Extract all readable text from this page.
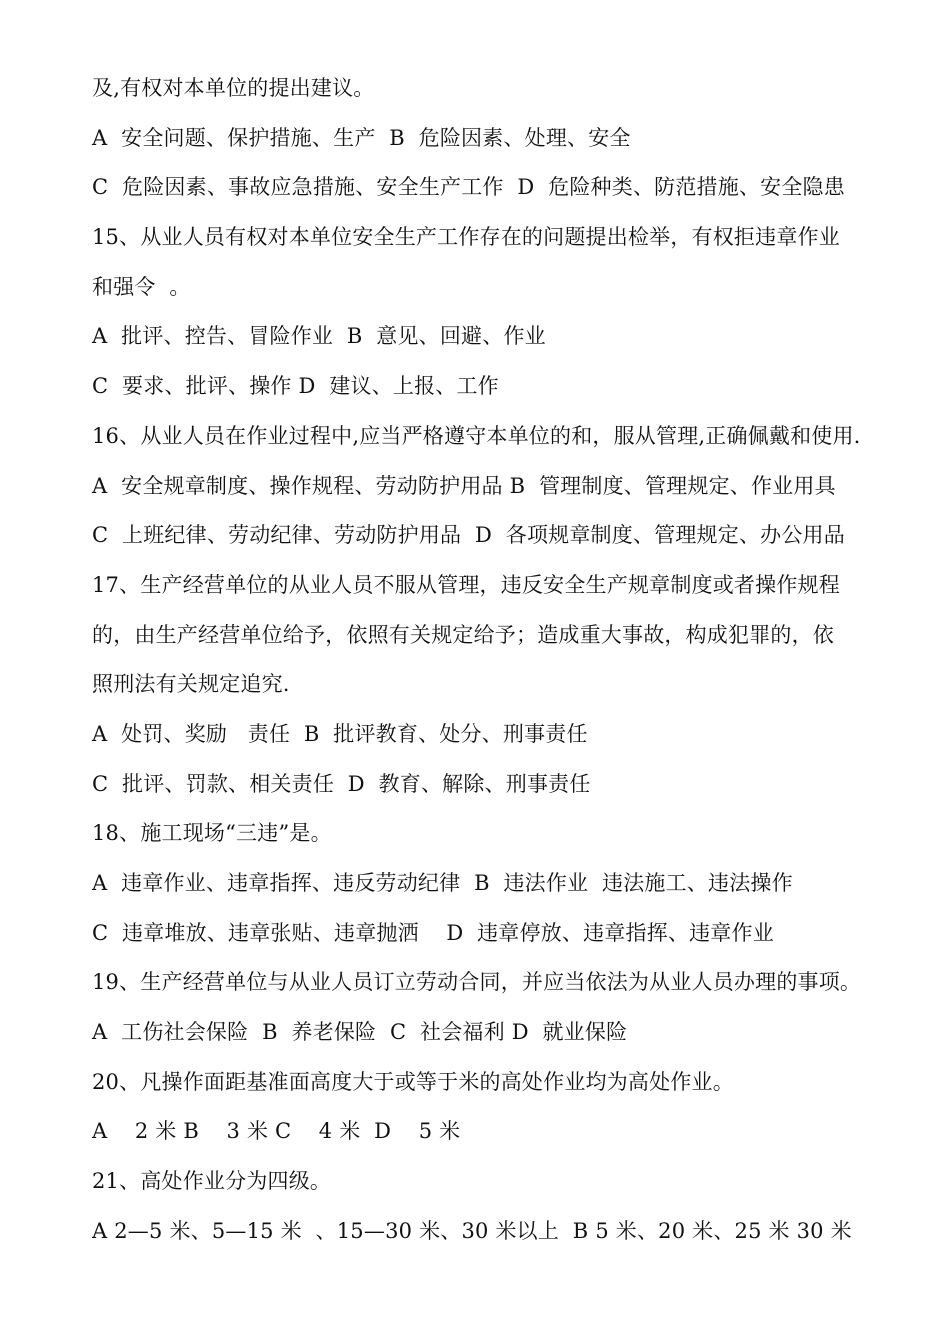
及,有权对本单位的提出建议。
A  安全问题、保护措施、生产  B  危险因素、处理、安全
C  危险因素、事故应急措施、安全生产工作  D  危险种类、防范措施、安全隐患
15、从业人员有权对本单位安全生产工作存在的问题提出检举，有权拒违章作业
和强令  。
A  批评、控告、冒险作业  B  意见、回避、作业
C  要求、批评、操作 D  建议、上报、工作
16、从业人员在作业过程中,应当严格遵守本单位的和，服从管理,正确佩戴和使用.
A  安全规章制度、操作规程、劳动防护用品 B  管理制度、管理规定、作业用具
C  上班纪律、劳动纪律、劳动防护用品  D  各项规章制度、管理规定、办公用品
17、生产经营单位的从业人员不服从管理，违反安全生产规章制度或者操作规程
的，由生产经营单位给予，依照有关规定给予；造成重大事故，构成犯罪的，依
照刑法有关规定追究.
A  处罚、奖励   责任  B  批评教育、处分、刑事责任
C  批评、罚款、相关责任  D  教育、解除、刑事责任
18、施工现场“三违”是。
A  违章作业、违章指挥、违反劳动纪律  B  违法作业  违法施工、违法操作
C  违章堆放、违章张贴、违章抛洒    D  违章停放、违章指挥、违章作业
19、生产经营单位与从业人员订立劳动合同，并应当依法为从业人员办理的事项。
A  工伤社会保险  B  养老保险  C  社会福利 D  就业保险
20、凡操作面距基准面高度大于或等于米的高处作业均为高处作业。
A    2 米 B    3 米 C    4 米  D    5 米
21、高处作业分为四级。
A 2—5 米、5—15 米  、15—30 米、30 米以上  B 5 米、20 米、25 米 30 米
